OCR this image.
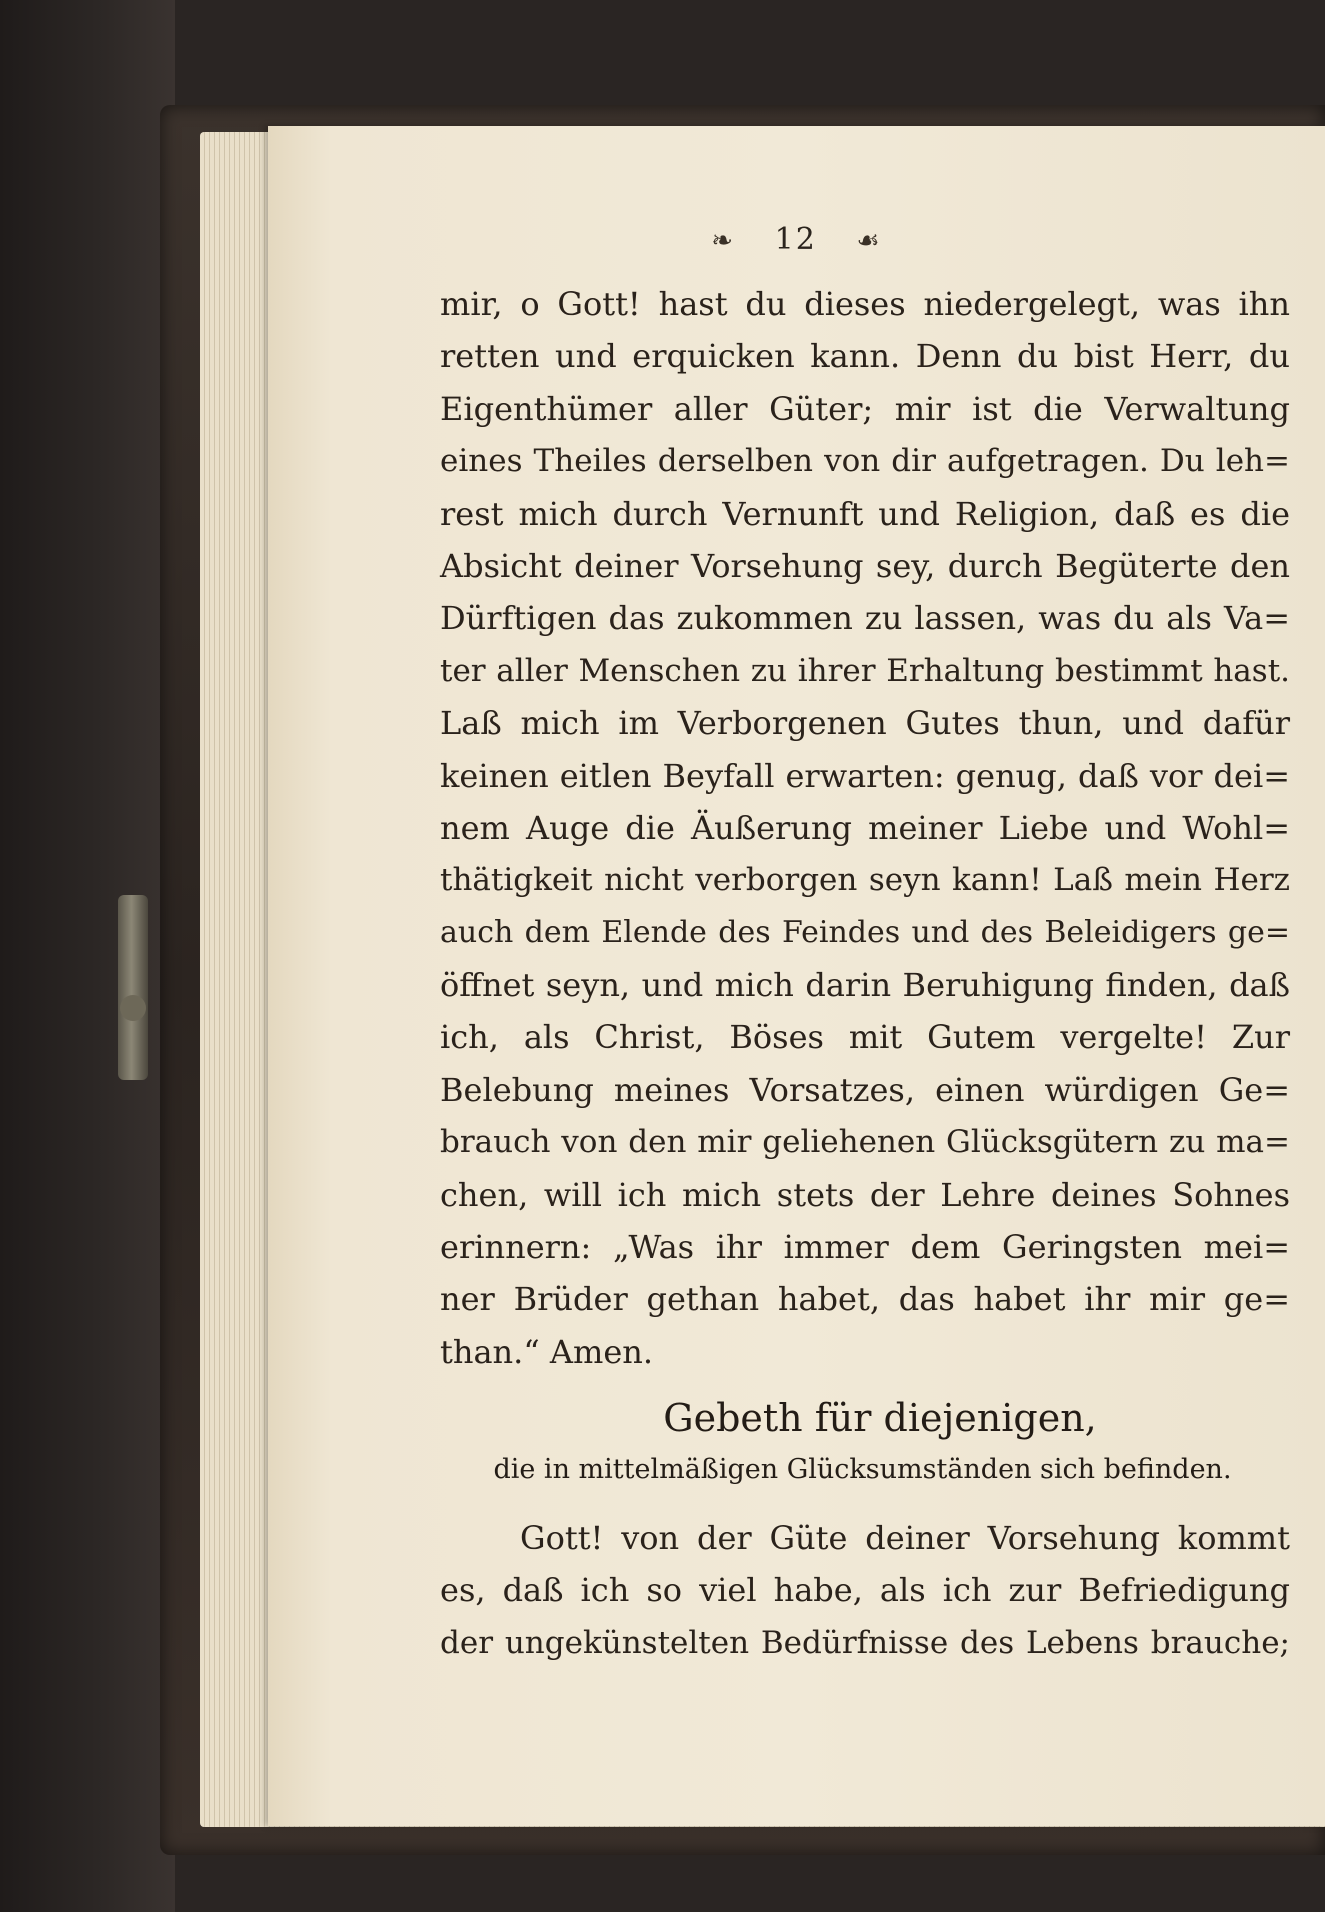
❧ 12 ☙
mir, o Gott! hast du dieses niedergelegt, was ihn
retten und erquicken kann. Denn du bist Herr, du
Eigenthümer aller Güter; mir ist die Verwaltung
eines Theiles derselben von dir aufgetragen. Du leh=
rest mich durch Vernunft und Religion, daß es die
Absicht deiner Vorsehung sey, durch Begüterte den
Dürftigen das zukommen zu lassen, was du als Va=
ter aller Menschen zu ihrer Erhaltung bestimmt hast.
Laß mich im Verborgenen Gutes thun, und dafür
keinen eitlen Beyfall erwarten: genug, daß vor dei=
nem Auge die Äußerung meiner Liebe und Wohl=
thätigkeit nicht verborgen seyn kann! Laß mein Herz
auch dem Elende des Feindes und des Beleidigers ge=
öffnet seyn, und mich darin Beruhigung finden, daß
ich, als Christ, Böses mit Gutem vergelte! Zur
Belebung meines Vorsatzes, einen würdigen Ge=
brauch von den mir geliehenen Glücksgütern zu ma=
chen, will ich mich stets der Lehre deines Sohnes
erinnern: „Was ihr immer dem Geringsten mei=
ner Brüder gethan habet, das habet ihr mir ge=
than.“ Amen.
Gebeth für diejenigen,
die in mittelmäßigen Glücksumständen sich befinden.
Gott! von der Güte deiner Vorsehung kommt
es, daß ich so viel habe, als ich zur Befriedigung
der ungekünstelten Bedürfnisse des Lebens brauche;
